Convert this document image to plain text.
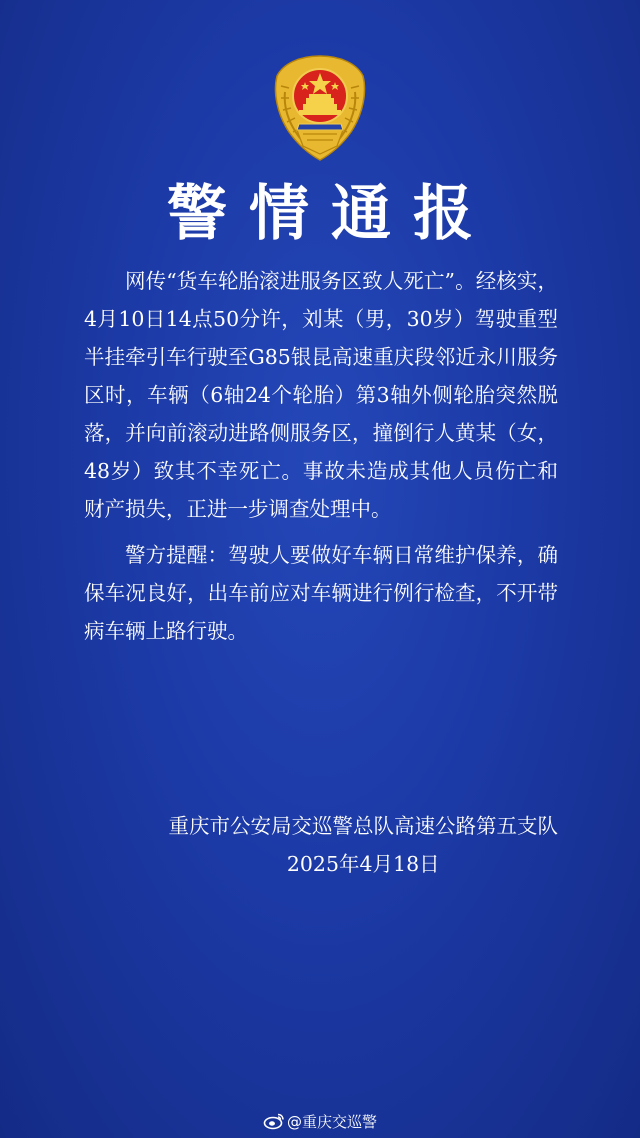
警情通报

网传“货车轮胎滚进服务区致人死亡”。经核实，4月10日14点50分许，刘某（男，30岁）驾驶重型半挂牵引车行驶至G85银昆高速重庆段邻近永川服务区时，车辆（6轴24个轮胎）第3轴外侧轮胎突然脱落，并向前滚动进路侧服务区，撞倒行人黄某（女，48岁）致其不幸死亡。事故未造成其他人员伤亡和财产损失，正进一步调查处理中。

警方提醒：驾驶人要做好车辆日常维护保养，确保车况良好，出车前应对车辆进行例行检查，不开带病车辆上路行驶。

重庆市公安局交巡警总队高速公路第五支队
2025年4月18日
@重庆交巡警
